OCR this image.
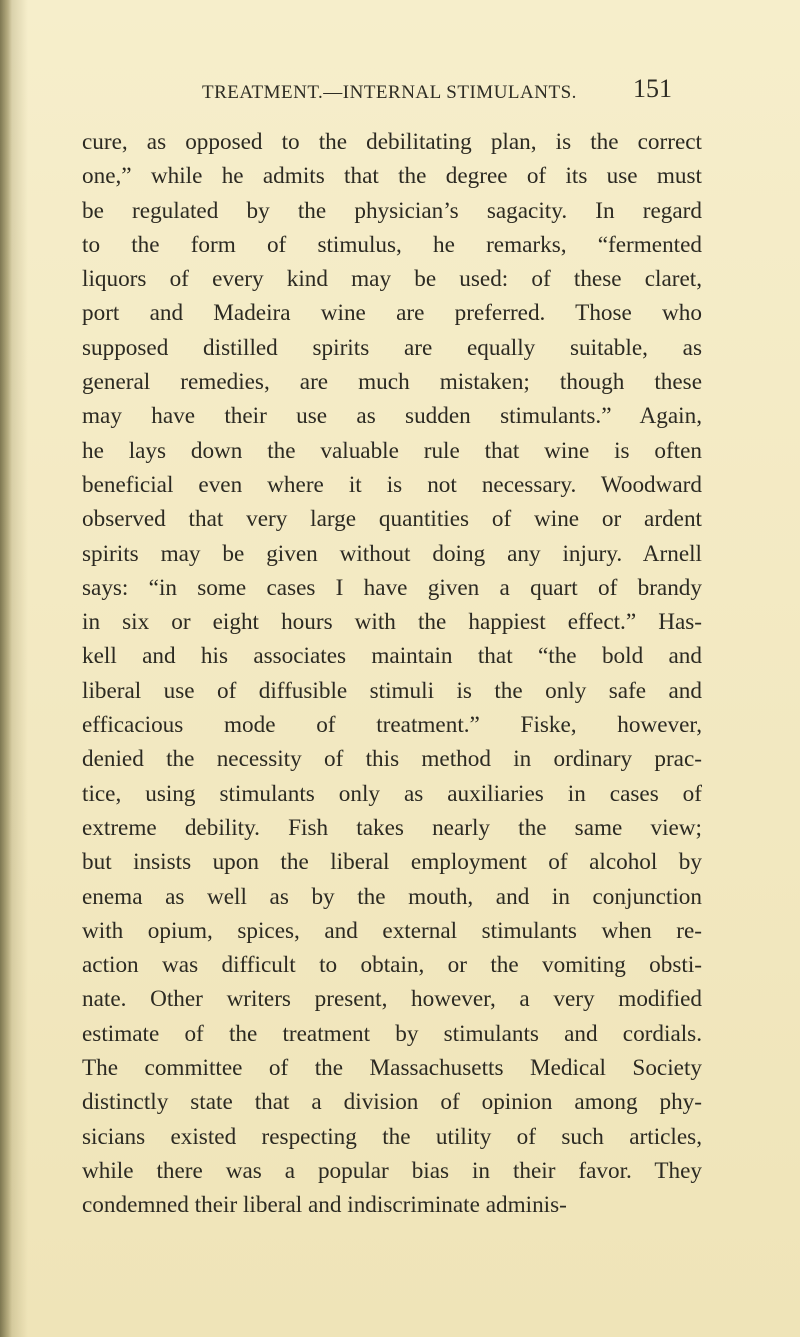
TREATMENT.—INTERNAL STIMULANTS. 151
cure, as opposed to the debilitating plan, is the correct
one,” while he admits that the degree of its use must
be regulated by the physician’s sagacity. In regard
to the form of stimulus, he remarks, “fermented
liquors of every kind may be used: of these claret,
port and Madeira wine are preferred. Those who
supposed distilled spirits are equally suitable, as
general remedies, are much mistaken; though these
may have their use as sudden stimulants.” Again,
he lays down the valuable rule that wine is often
beneficial even where it is not necessary. Woodward
observed that very large quantities of wine or ardent
spirits may be given without doing any injury. Arnell
says: “in some cases I have given a quart of brandy
in six or eight hours with the happiest effect.” Has-
kell and his associates maintain that “the bold and
liberal use of diffusible stimuli is the only safe and
efficacious mode of treatment.” Fiske, however,
denied the necessity of this method in ordinary prac-
tice, using stimulants only as auxiliaries in cases of
extreme debility. Fish takes nearly the same view;
but insists upon the liberal employment of alcohol by
enema as well as by the mouth, and in conjunction
with opium, spices, and external stimulants when re-
action was difficult to obtain, or the vomiting obsti-
nate. Other writers present, however, a very modified
estimate of the treatment by stimulants and cordials.
The committee of the Massachusetts Medical Society
distinctly state that a division of opinion among phy-
sicians existed respecting the utility of such articles,
while there was a popular bias in their favor. They
condemned their liberal and indiscriminate adminis-
